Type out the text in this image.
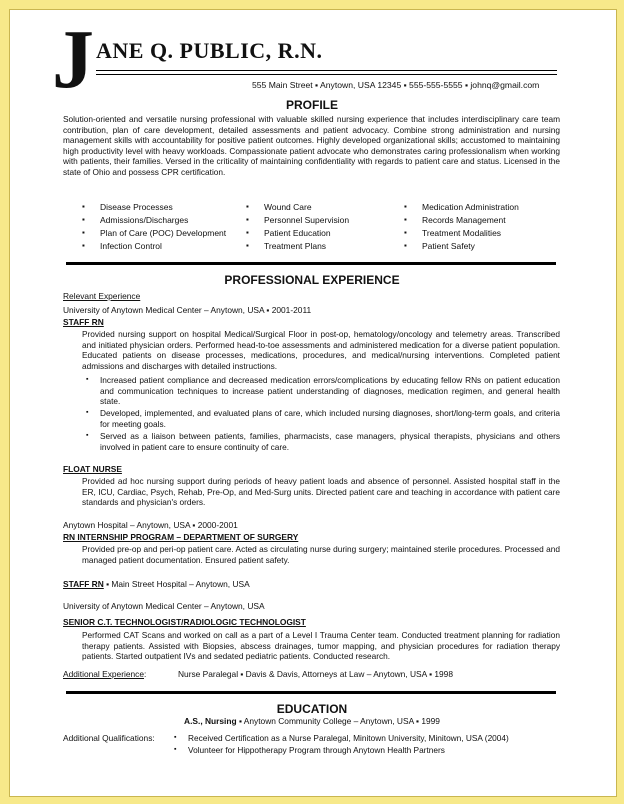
J ANE Q. PUBLIC, R.N.
555 Main Street ▪ Anytown, USA 12345 ▪ 555-555-5555 ▪ johnq@gmail.com
PROFILE

Solution-oriented and versatile nursing professional with valuable skilled nursing experience that includes interdisciplinary care team contribution, plan of care development, detailed assessments and patient advocacy. Combine strong administration and nursing management skills with accountability for positive patient outcomes. Highly developed organizational skills; accustomed to maintaining high productivity level with heavy workloads. Compassionate patient advocate who demonstrates caring professionalism when working with patients, their families. Versed in the criticality of maintaining confidentiality with regards to patient care and status. Licensed in the state of Ohio and possess CPR certification.

▪ Disease Processes
▪ Admissions/Discharges
▪ Plan of Care (POC) Development
▪ Infection Control
▪ Wound Care
▪ Personnel Supervision
▪ Patient Education
▪ Treatment Plans
▪ Medication Administration
▪ Records Management
▪ Treatment Modalities
▪ Patient Safety
PROFESSIONAL EXPERIENCE
Relevant Experience
University of Anytown Medical Center – Anytown, USA ▪ 2001-2011
STAFF RN

Provided nursing support on hospital Medical/Surgical Floor in post-op, hematology/oncology and telemetry areas. Transcribed and initiated physician orders. Performed head-to-toe assessments and administered medication for a diverse patient population. Educated patients on disease processes, medications, procedures, and medical/nursing interventions. Completed patient admissions and discharges with detailed instructions.

▪ Increased patient compliance and decreased medication errors/complications by educating fellow RNs on patient education and communication techniques to increase patient understanding of diagnoses, medication regimen, and general health state.
▪ Developed, implemented, and evaluated plans of care, which included nursing diagnoses, short/long-term goals, and criteria for meeting goals.
▪ Served as a liaison between patients, families, pharmacists, case managers, physical therapists, physicians and others involved in patient care to ensure continuity of care.
FLOAT NURSE

Provided ad hoc nursing support during periods of heavy patient loads and absence of personnel. Assisted hospital staff in the ER, ICU, Cardiac, Psych, Rehab, Pre-Op, and Med-Surg units. Directed patient care and teaching in accordance with patient care standards and physician's orders.

Anytown Hospital – Anytown, USA ▪ 2000-2001
RN INTERNSHIP PROGRAM – DEPARTMENT OF SURGERY

Provided pre-op and peri-op patient care. Acted as circulating nurse during surgery; maintained sterile procedures. Processed and managed patient documentation. Ensured patient safety.

STAFF RN ▪ Main Street Hospital – Anytown, USA
University of Anytown Medical Center – Anytown, USA
SENIOR C.T. TECHNOLOGIST/RADIOLOGIC TECHNOLOGIST

Performed CAT Scans and worked on call as a part of a Level I Trauma Center team. Conducted treatment planning for radiation therapy patients. Assisted with Biopsies, abscess drainages, tumor mapping, and physician procedures for radiation therapy patients. Started outpatient IVs and sedated pediatric patients. Conducted research.

Additional Experience:	Nurse Paralegal ▪ Davis & Davis, Attorneys at Law – Anytown, USA ▪ 1998
EDUCATION
A.S., Nursing ▪ Anytown Community College – Anytown, USA ▪ 1999
Additional Qualifications:
▪	Received Certification as a Nurse Paralegal, Minitown University, Minitown, USA (2004)
▪ Volunteer for Hippotherapy Program through Anytown Health Partners
